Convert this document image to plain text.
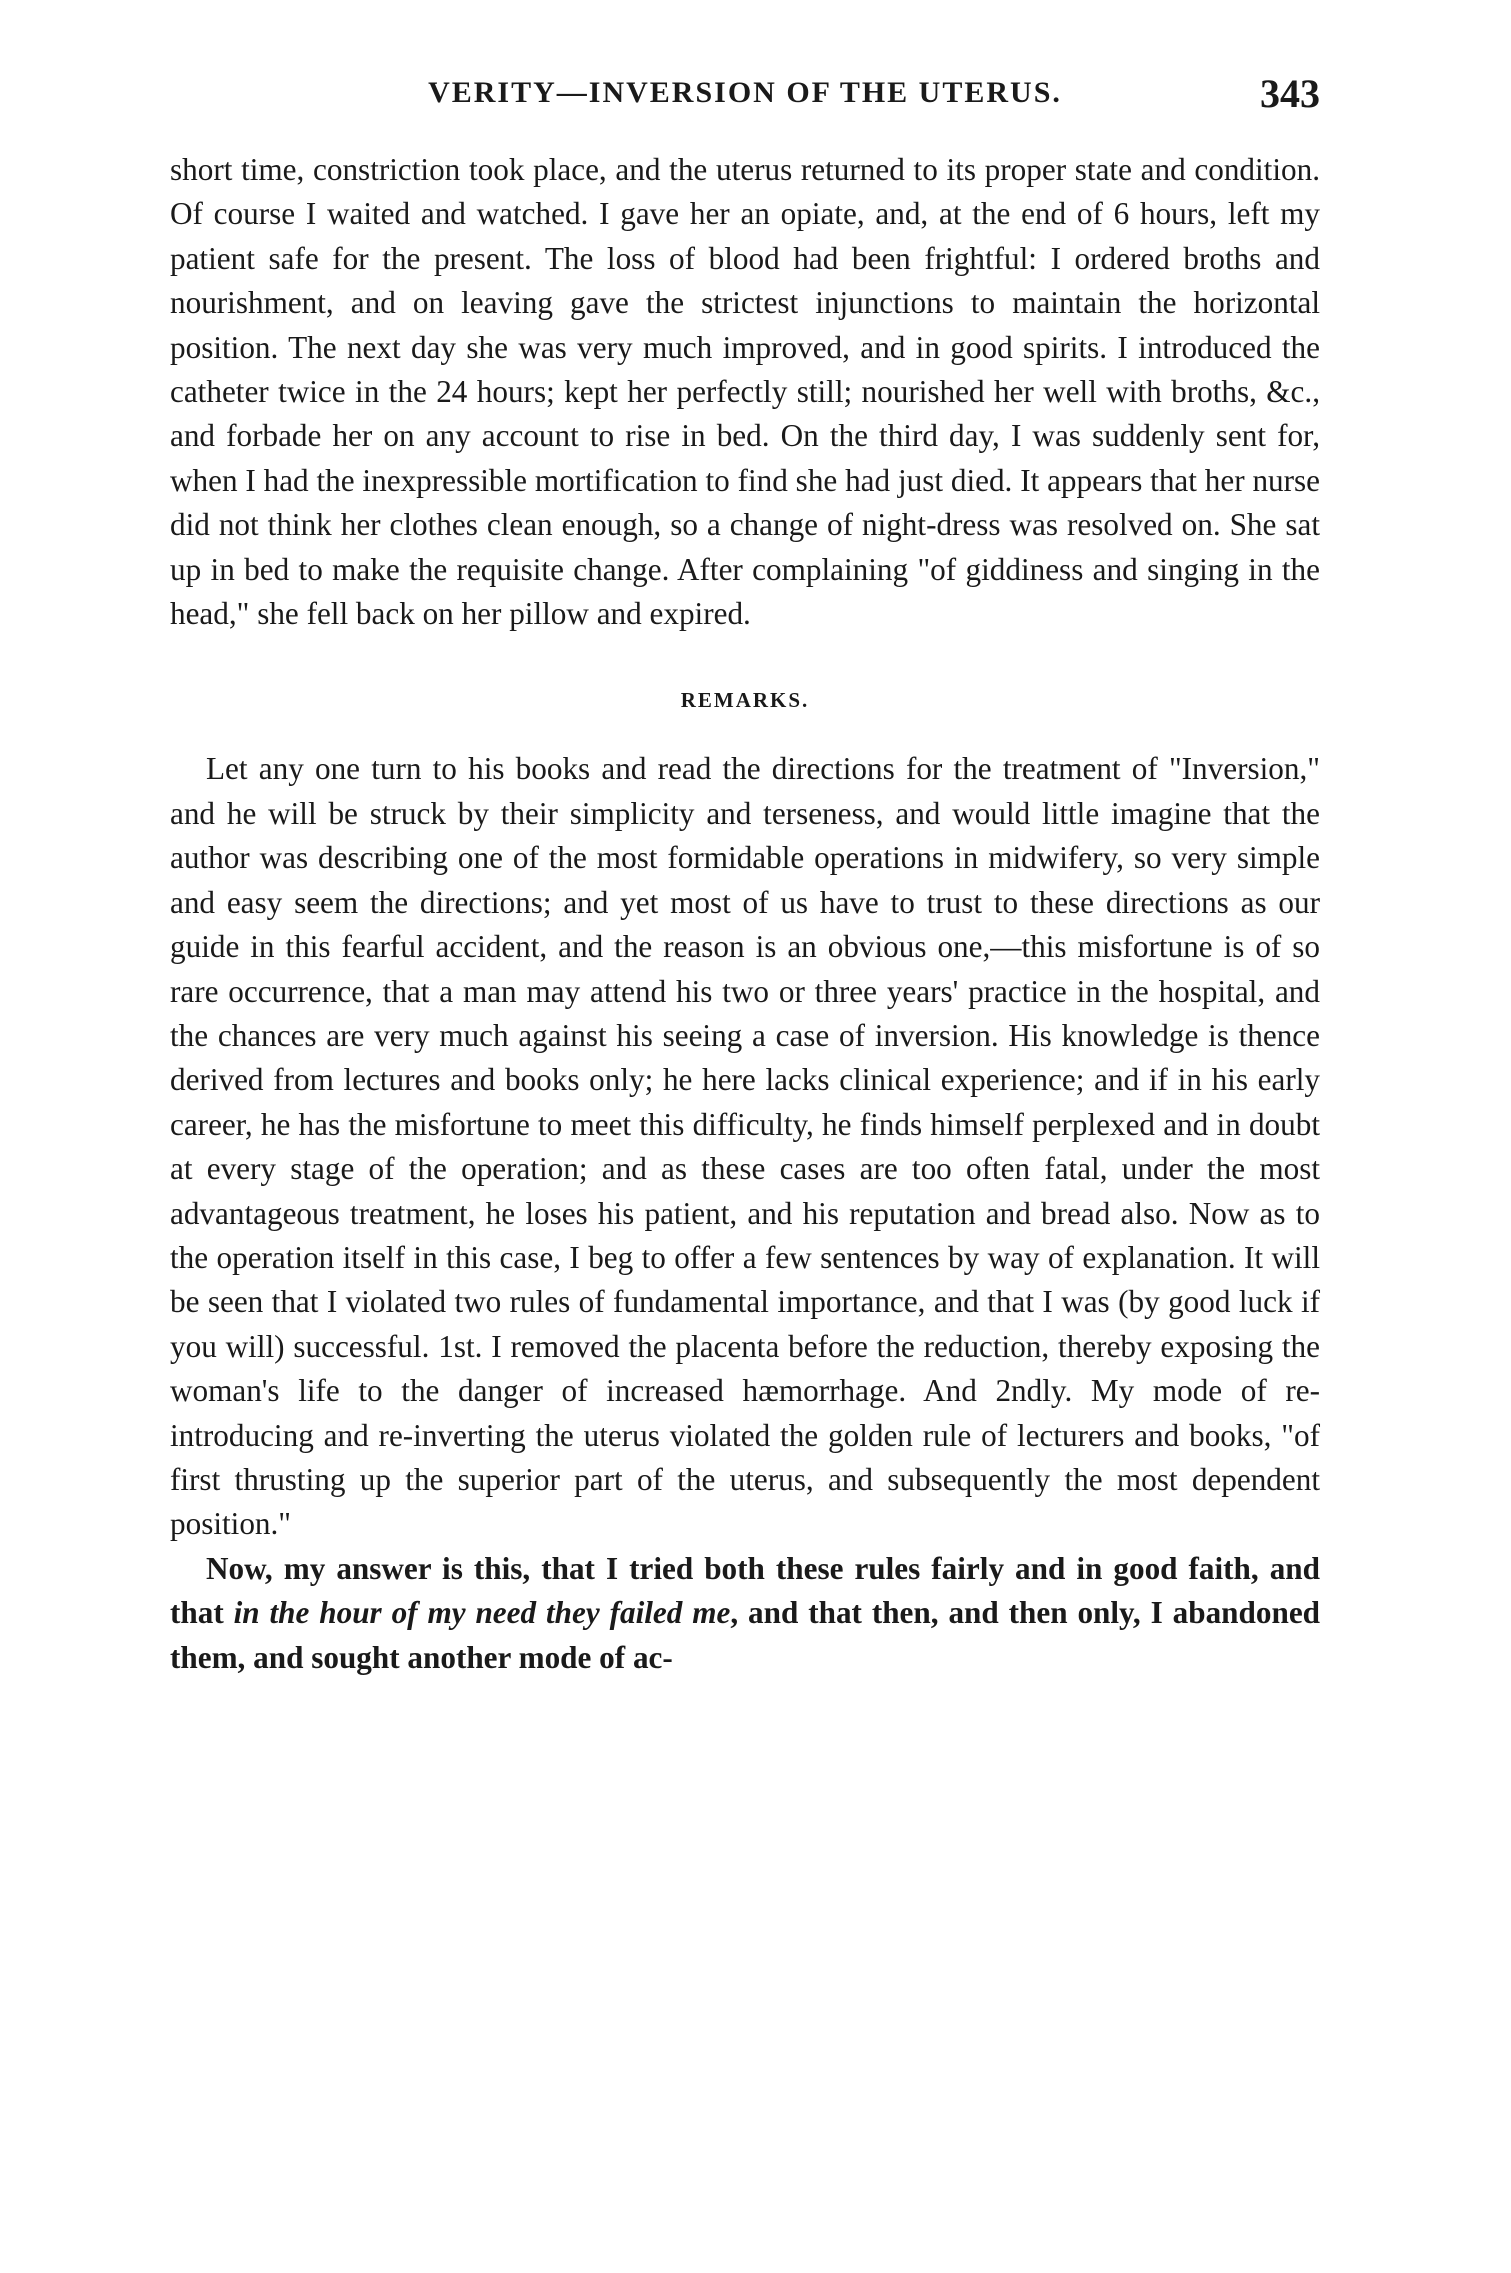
VERITY—INVERSION OF THE UTERUS.	343

short time, constriction took place, and the uterus returned to its proper state and condition. Of course I waited and watched. I gave her an opiate, and, at the end of 6 hours, left my patient safe for the present. The loss of blood had been frightful: I ordered broths and nourishment, and on leaving gave the strictest injunctions to maintain the horizontal position. The next day she was very much improved, and in good spirits. I introduced the catheter twice in the 24 hours; kept her perfectly still; nourished her well with broths, &c., and forbade her on any account to rise in bed. On the third day, I was suddenly sent for, when I had the inexpressible mortification to find she had just died. It appears that her nurse did not think her clothes clean enough, so a change of night-dress was resolved on. She sat up in bed to make the requisite change. After complaining "of giddiness and singing in the head," she fell back on her pillow and expired.

REMARKS.

Let any one turn to his books and read the directions for the treatment of "Inversion," and he will be struck by their simplicity and terseness, and would little imagine that the author was describing one of the most formidable operations in midwifery, so very simple and easy seem the directions; and yet most of us have to trust to these directions as our guide in this fearful accident, and the reason is an obvious one,—this misfortune is of so rare occurrence, that a man may attend his two or three years' practice in the hospital, and the chances are very much against his seeing a case of inversion. His knowledge is thence derived from lectures and books only; he here lacks clinical experience; and if in his early career, he has the misfortune to meet this difficulty, he finds himself perplexed and in doubt at every stage of the operation; and as these cases are too often fatal, under the most advantageous treatment, he loses his patient, and his reputation and bread also. Now as to the operation itself in this case, I beg to offer a few sentences by way of explanation. It will be seen that I violated two rules of fundamental importance, and that I was (by good luck if you will) successful. 1st. I removed the placenta before the reduction, thereby exposing the woman's life to the danger of increased hæmorrhage. And 2ndly. My mode of re-introducing and re-inverting the uterus violated the golden rule of lecturers and books, "of first thrusting up the superior part of the uterus, and subsequently the most dependent position."

Now, my answer is this, that I tried both these rules fairly and in good faith, and that in the hour of my need they failed me, and that then, and then only, I abandoned them, and sought another mode of ac-
